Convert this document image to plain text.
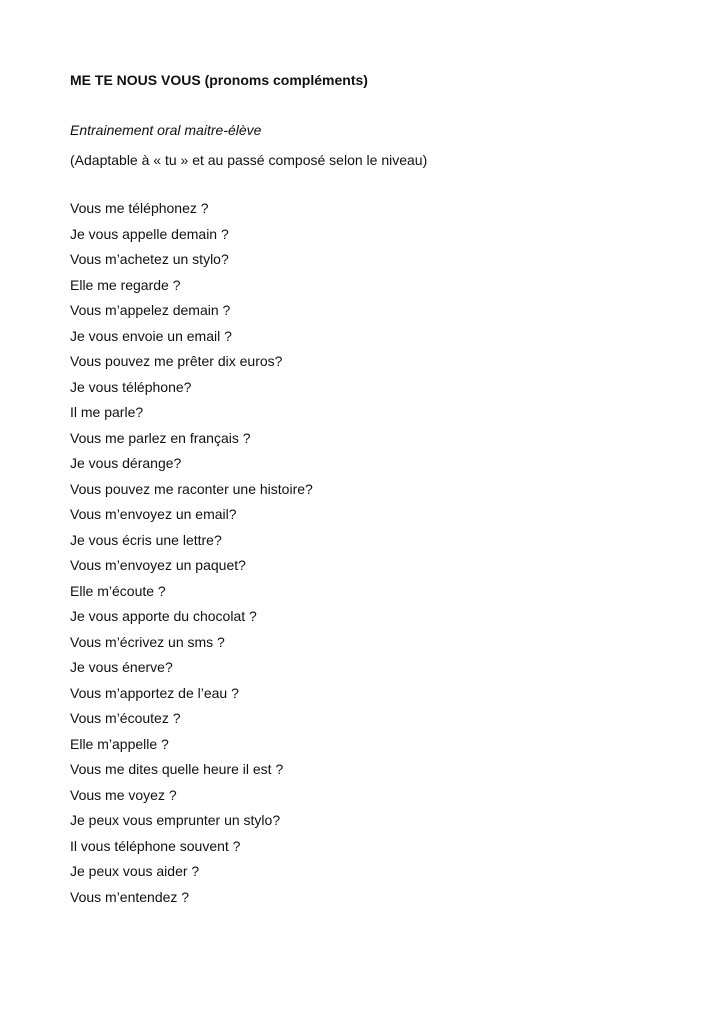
ME TE NOUS VOUS (pronoms compléments)

Entrainement oral maitre-élève

(Adaptable à « tu » et au passé composé selon le niveau)

Vous me téléphonez ?
Je vous appelle demain ?
Vous m’achetez un stylo?
Elle me regarde ?
Vous m’appelez demain ?
Je vous envoie un email ?
Vous pouvez me prêter dix euros?
Je vous téléphone?
Il me parle?
Vous me parlez en français ?
Je vous dérange?
Vous pouvez me raconter une histoire?
Vous m’envoyez un email?
Je vous écris une lettre?
Vous m’envoyez un paquet?
Elle m’écoute ?
Je vous apporte du chocolat ?
Vous m’écrivez un sms ?
Je vous énerve?
Vous m’apportez de l’eau ?
Vous m’écoutez ?
Elle m’appelle ?
Vous me dites quelle heure il est ?
Vous me voyez ?
Je peux vous emprunter un stylo?
Il vous téléphone souvent ?
Je peux vous aider ?
Vous m’entendez ?
